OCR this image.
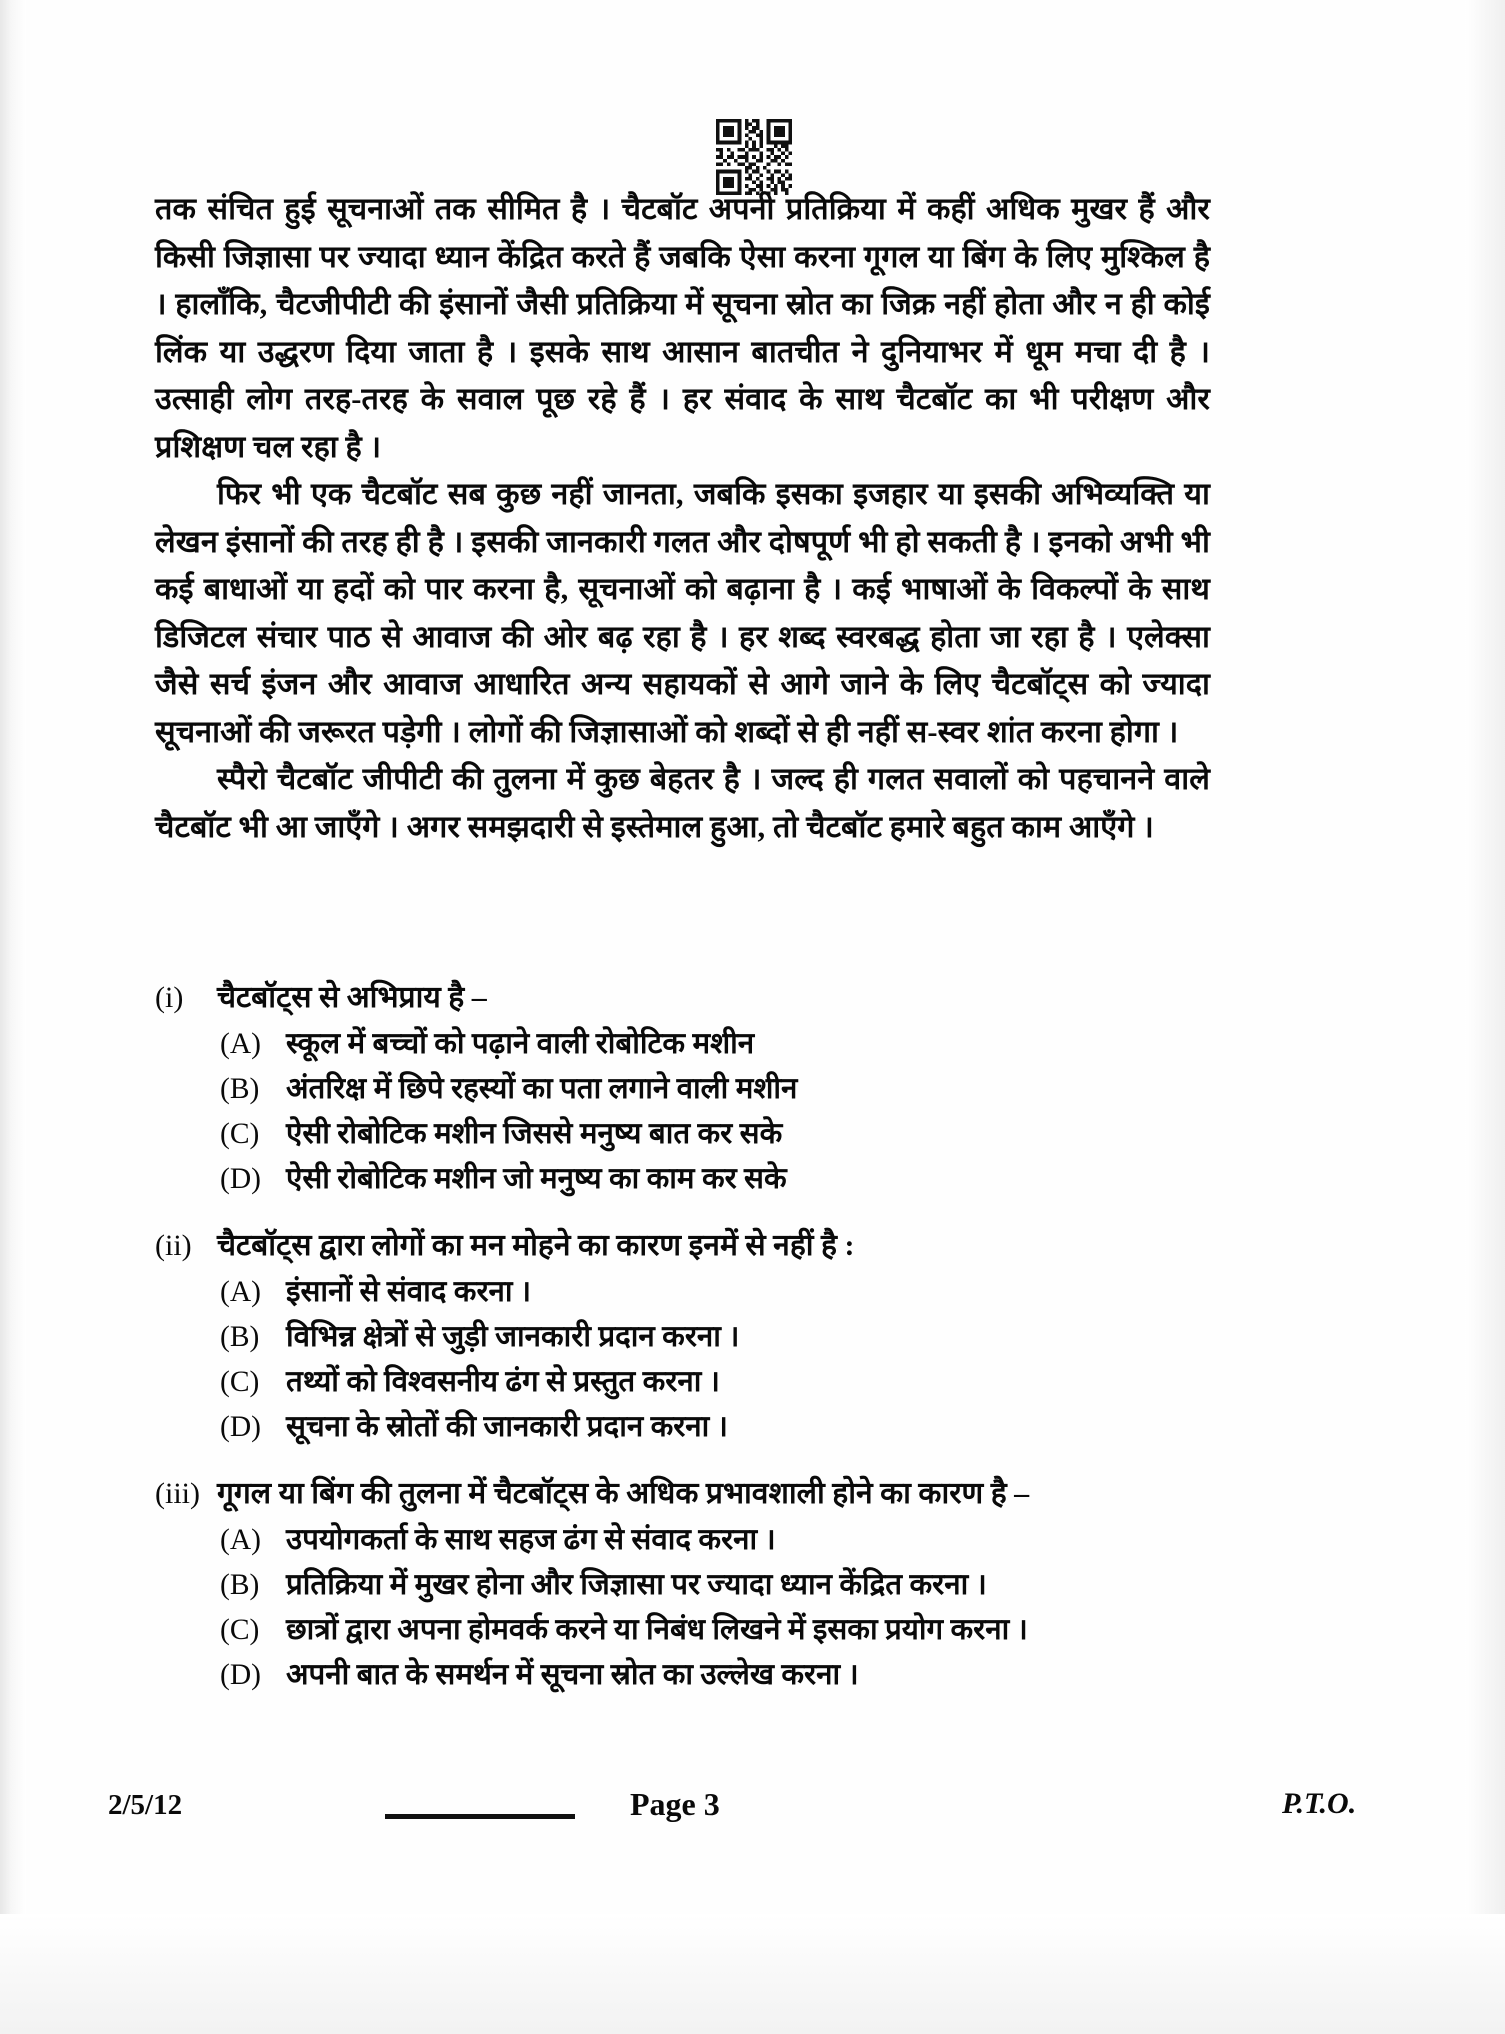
तक संचित हुई सूचनाओं तक सीमित है । चैटबॉट अपनी प्रतिक्रिया में कहीं अधिक मुखर हैं और किसी जिज्ञासा पर ज्यादा ध्यान केंद्रित करते हैं जबकि ऐसा करना गूगल या बिंग के लिए मुश्किल है । हालाँकि, चैटजीपीटी की इंसानों जैसी प्रतिक्रिया में सूचना स्रोत का जिक्र नहीं होता और न ही कोई लिंक या उद्धरण दिया जाता है । इसके साथ आसान बातचीत ने दुनियाभर में धूम मचा दी है । उत्साही लोग तरह-तरह के सवाल पूछ रहे हैं । हर संवाद के साथ चैटबॉट का भी परीक्षण और प्रशिक्षण चल रहा है ।

फिर भी एक चैटबॉट सब कुछ नहीं जानता, जबकि इसका इजहार या इसकी अभिव्यक्ति या लेखन इंसानों की तरह ही है । इसकी जानकारी गलत और दोषपूर्ण भी हो सकती है । इनको अभी भी कई बाधाओं या हदों को पार करना है, सूचनाओं को बढ़ाना है । कई भाषाओं के विकल्पों के साथ डिजिटल संचार पाठ से आवाज की ओर बढ़ रहा है । हर शब्द स्वरबद्ध होता जा रहा है । एलेक्सा जैसे सर्च इंजन और आवाज आधारित अन्य सहायकों से आगे जाने के लिए चैटबॉट्स को ज्यादा सूचनाओं की जरूरत पड़ेगी । लोगों की जिज्ञासाओं को शब्दों से ही नहीं स-स्वर शांत करना होगा ।

स्पैरो चैटबॉट जीपीटी की तुलना में कुछ बेहतर है । जल्द ही गलत सवालों को पहचानने वाले चैटबॉट भी आ जाएँगे । अगर समझदारी से इस्तेमाल हुआ, तो चैटबॉट हमारे बहुत काम आएँगे ।

(i)	चैटबॉट्स से अभिप्राय है –
(A) स्कूल में बच्चों को पढ़ाने वाली रोबोटिक मशीन
(B) अंतरिक्ष में छिपे रहस्यों का पता लगाने वाली मशीन
(C) ऐसी रोबोटिक मशीन जिससे मनुष्य बात कर सके
(D) ऐसी रोबोटिक मशीन जो मनुष्य का काम कर सके
(ii) चैटबॉट्स द्वारा लोगों का मन मोहने का कारण इनमें से नहीं है :
(A) इंसानों से संवाद करना ।
(B) विभिन्न क्षेत्रों से जुड़ी जानकारी प्रदान करना ।
(C) तथ्यों को विश्वसनीय ढंग से प्रस्तुत करना ।
(D) सूचना के स्रोतों की जानकारी प्रदान करना ।
(iii) गूगल या बिंग की तुलना में चैटबॉट्स के अधिक प्रभावशाली होने का कारण है –
(A) उपयोगकर्ता के साथ सहज ढंग से संवाद करना ।
(B) प्रतिक्रिया में मुखर होना और जिज्ञासा पर ज्यादा ध्यान केंद्रित करना ।
(C) छात्रों द्वारा अपना होमवर्क करने या निबंध लिखने में इसका प्रयोग करना ।
(D) अपनी बात के समर्थन में सूचना स्रोत का उल्लेख करना ।
2/5/12	Page 3	P.T.O.
